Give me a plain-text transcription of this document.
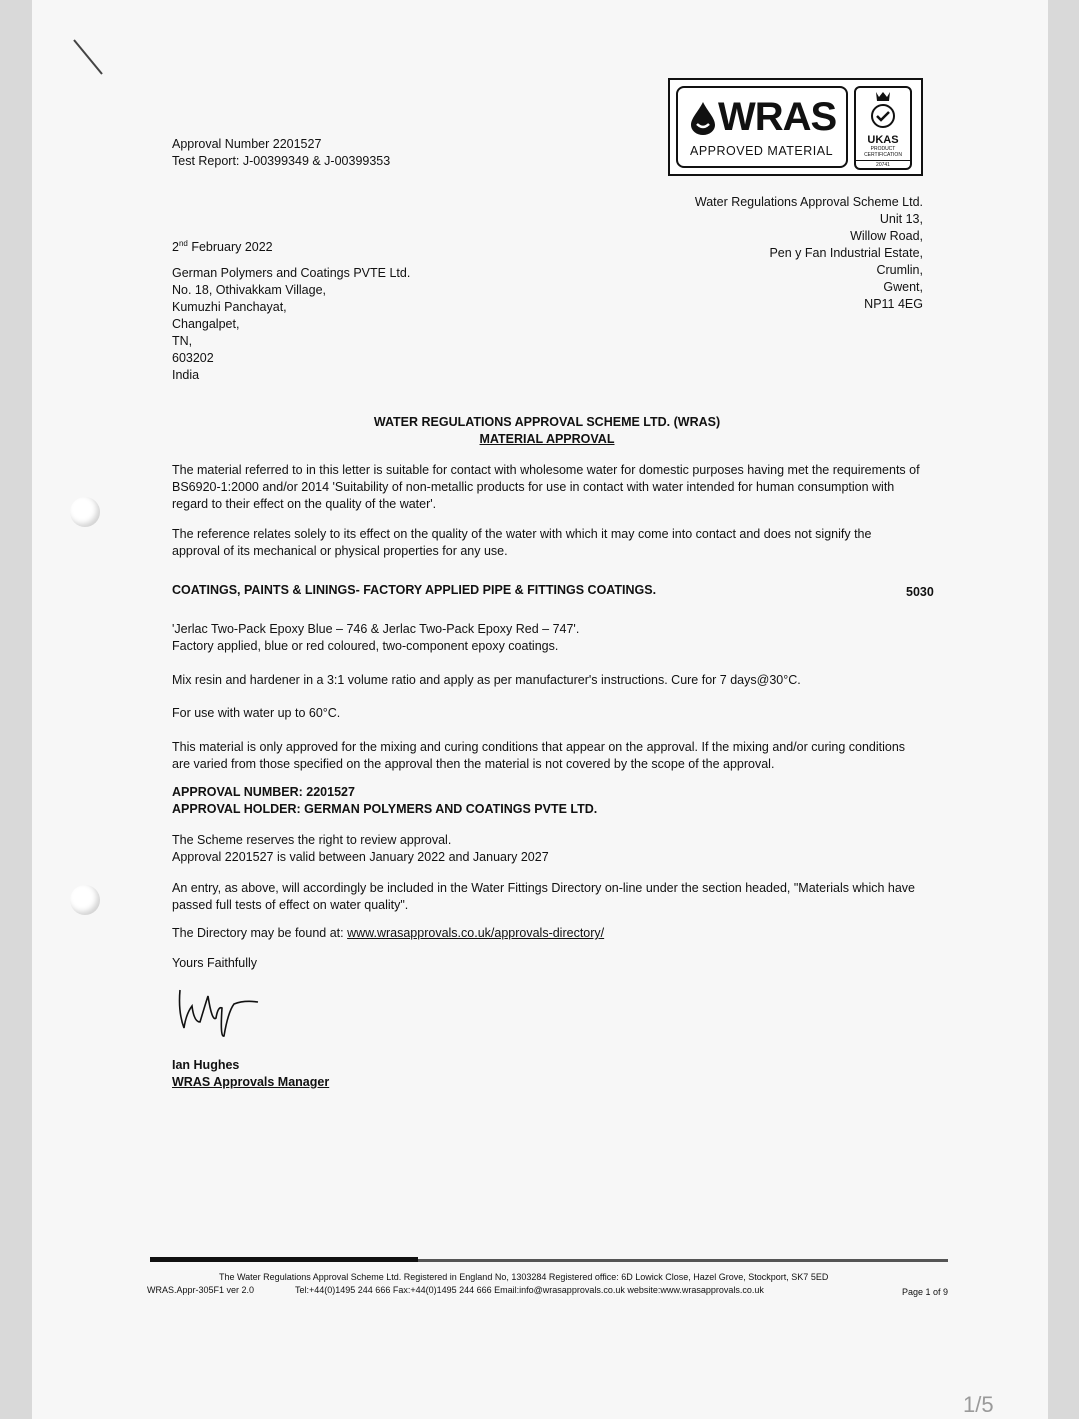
Approval Number 2201527
Test Report: J-00399349 & J-00399353
WRAS
APPROVED MATERIAL
UKAS
PRODUCT
CERTIFICATION
20741
Water Regulations Approval Scheme Ltd.
Unit 13,
Willow Road,
Pen y Fan Industrial Estate,
Crumlin,
Gwent,
NP11 4EG
2nd February 2022
German Polymers and Coatings PVTE Ltd.
No. 18, Othivakkam Village,
Kumuzhi Panchayat,
Changalpet,
TN,
603202
India
WATER REGULATIONS APPROVAL SCHEME LTD. (WRAS)
MATERIAL APPROVAL
The material referred to in this letter is suitable for contact with wholesome water for domestic purposes having met the requirements of BS6920-1:2000 and/or 2014 'Suitability of non-metallic products for use in contact with water intended for human consumption with regard to their effect on the quality of the water'.
The reference relates solely to its effect on the quality of the water with which it may come into contact and does not signify the approval of its mechanical or physical properties for any use.
COATINGS, PAINTS & LININGS- FACTORY APPLIED PIPE & FITTINGS COATINGS.	5030
'Jerlac Two-Pack Epoxy Blue – 746 & Jerlac Two-Pack Epoxy Red – 747'.
Factory applied, blue or red coloured, two-component epoxy coatings.
Mix resin and hardener in a 3:1 volume ratio and apply as per manufacturer's instructions. Cure for 7 days@30°C.
For use with water up to 60°C.
This material is only approved for the mixing and curing conditions that appear on the approval. If the mixing and/or curing conditions are varied from those specified on the approval then the material is not covered by the scope of the approval.
APPROVAL NUMBER: 2201527
APPROVAL HOLDER: GERMAN POLYMERS AND COATINGS PVTE LTD.
The Scheme reserves the right to review approval.
Approval 2201527 is valid between January 2022 and January 2027
An entry, as above, will accordingly be included in the Water Fittings Directory on-line under the section headed, "Materials which have passed full tests of effect on water quality".
The Directory may be found at: www.wrasapprovals.co.uk/approvals-directory/
Yours Faithfully
Ian Hughes
WRAS Approvals Manager
WRAS.Appr-305F1 ver 2.0
The Water Regulations Approval Scheme Ltd. Registered in England No, 1303284 Registered office: 6D Lowick Close, Hazel Grove, Stockport, SK7 5ED
Tel:+44(0)1495 244 666 Fax:+44(0)1495 244 666 Email:info@wrasapprovals.co.uk website:www.wrasapprovals.co.uk	Page 1 of 9
1/5
